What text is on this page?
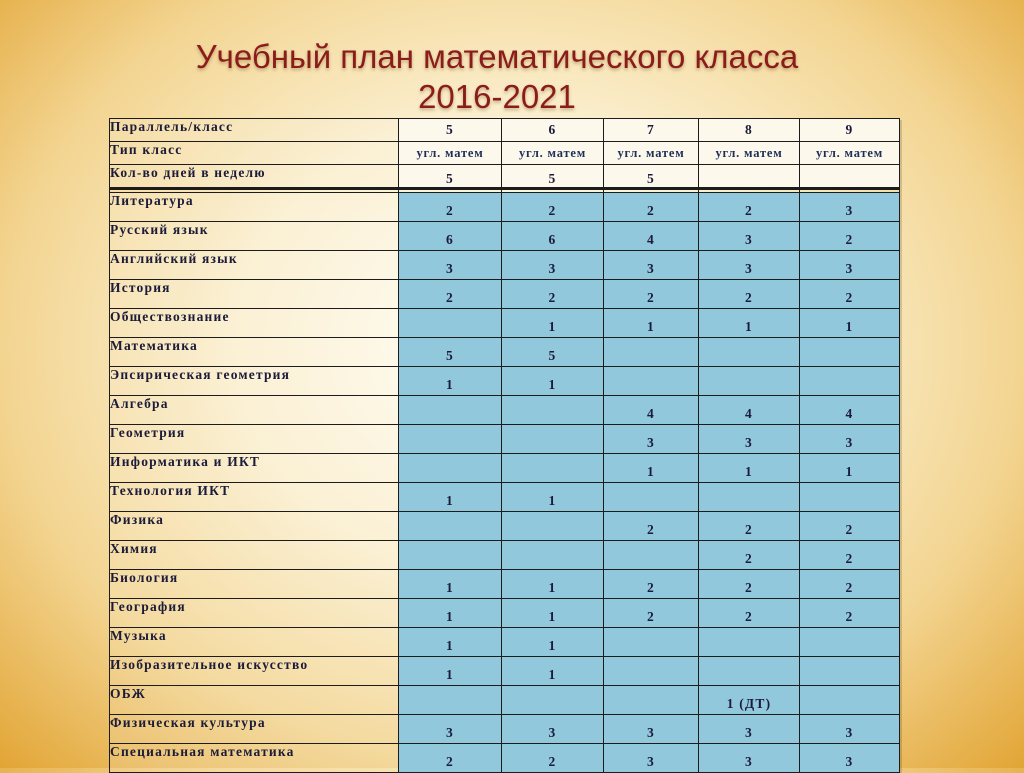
Учебный план математического класса
2016-2021
Параллель/класс	5	6	7	8	9
Тип класс	угл. матем	угл. матем	угл. матем	угл. матем	угл. матем
Кол-во дней в неделю	5	5	5		

Литература	2	2	2	2	3
Русский язык	6	6	4	3	2
Английский язык	3	3	3	3	3
История	2	2	2	2	2
Обществознание		1	1	1	1
Математика	5	5			
Эпсирическая геометрия	1	1			
Алгебра			4	4	4
Геометрия			3	3	3
Информатика и ИКТ			1	1	1
Технология ИКТ	1	1			
Физика			2	2	2
Химия				2	2
Биология	1	1	2	2	2
География	1	1	2	2	2
Музыка	1	1			
Изобразительное искусство	1	1			
ОБЖ				1 (ДТ)	
Физическая культура	3	3	3	3	3
Специальная математика	2	2	3	3	3
